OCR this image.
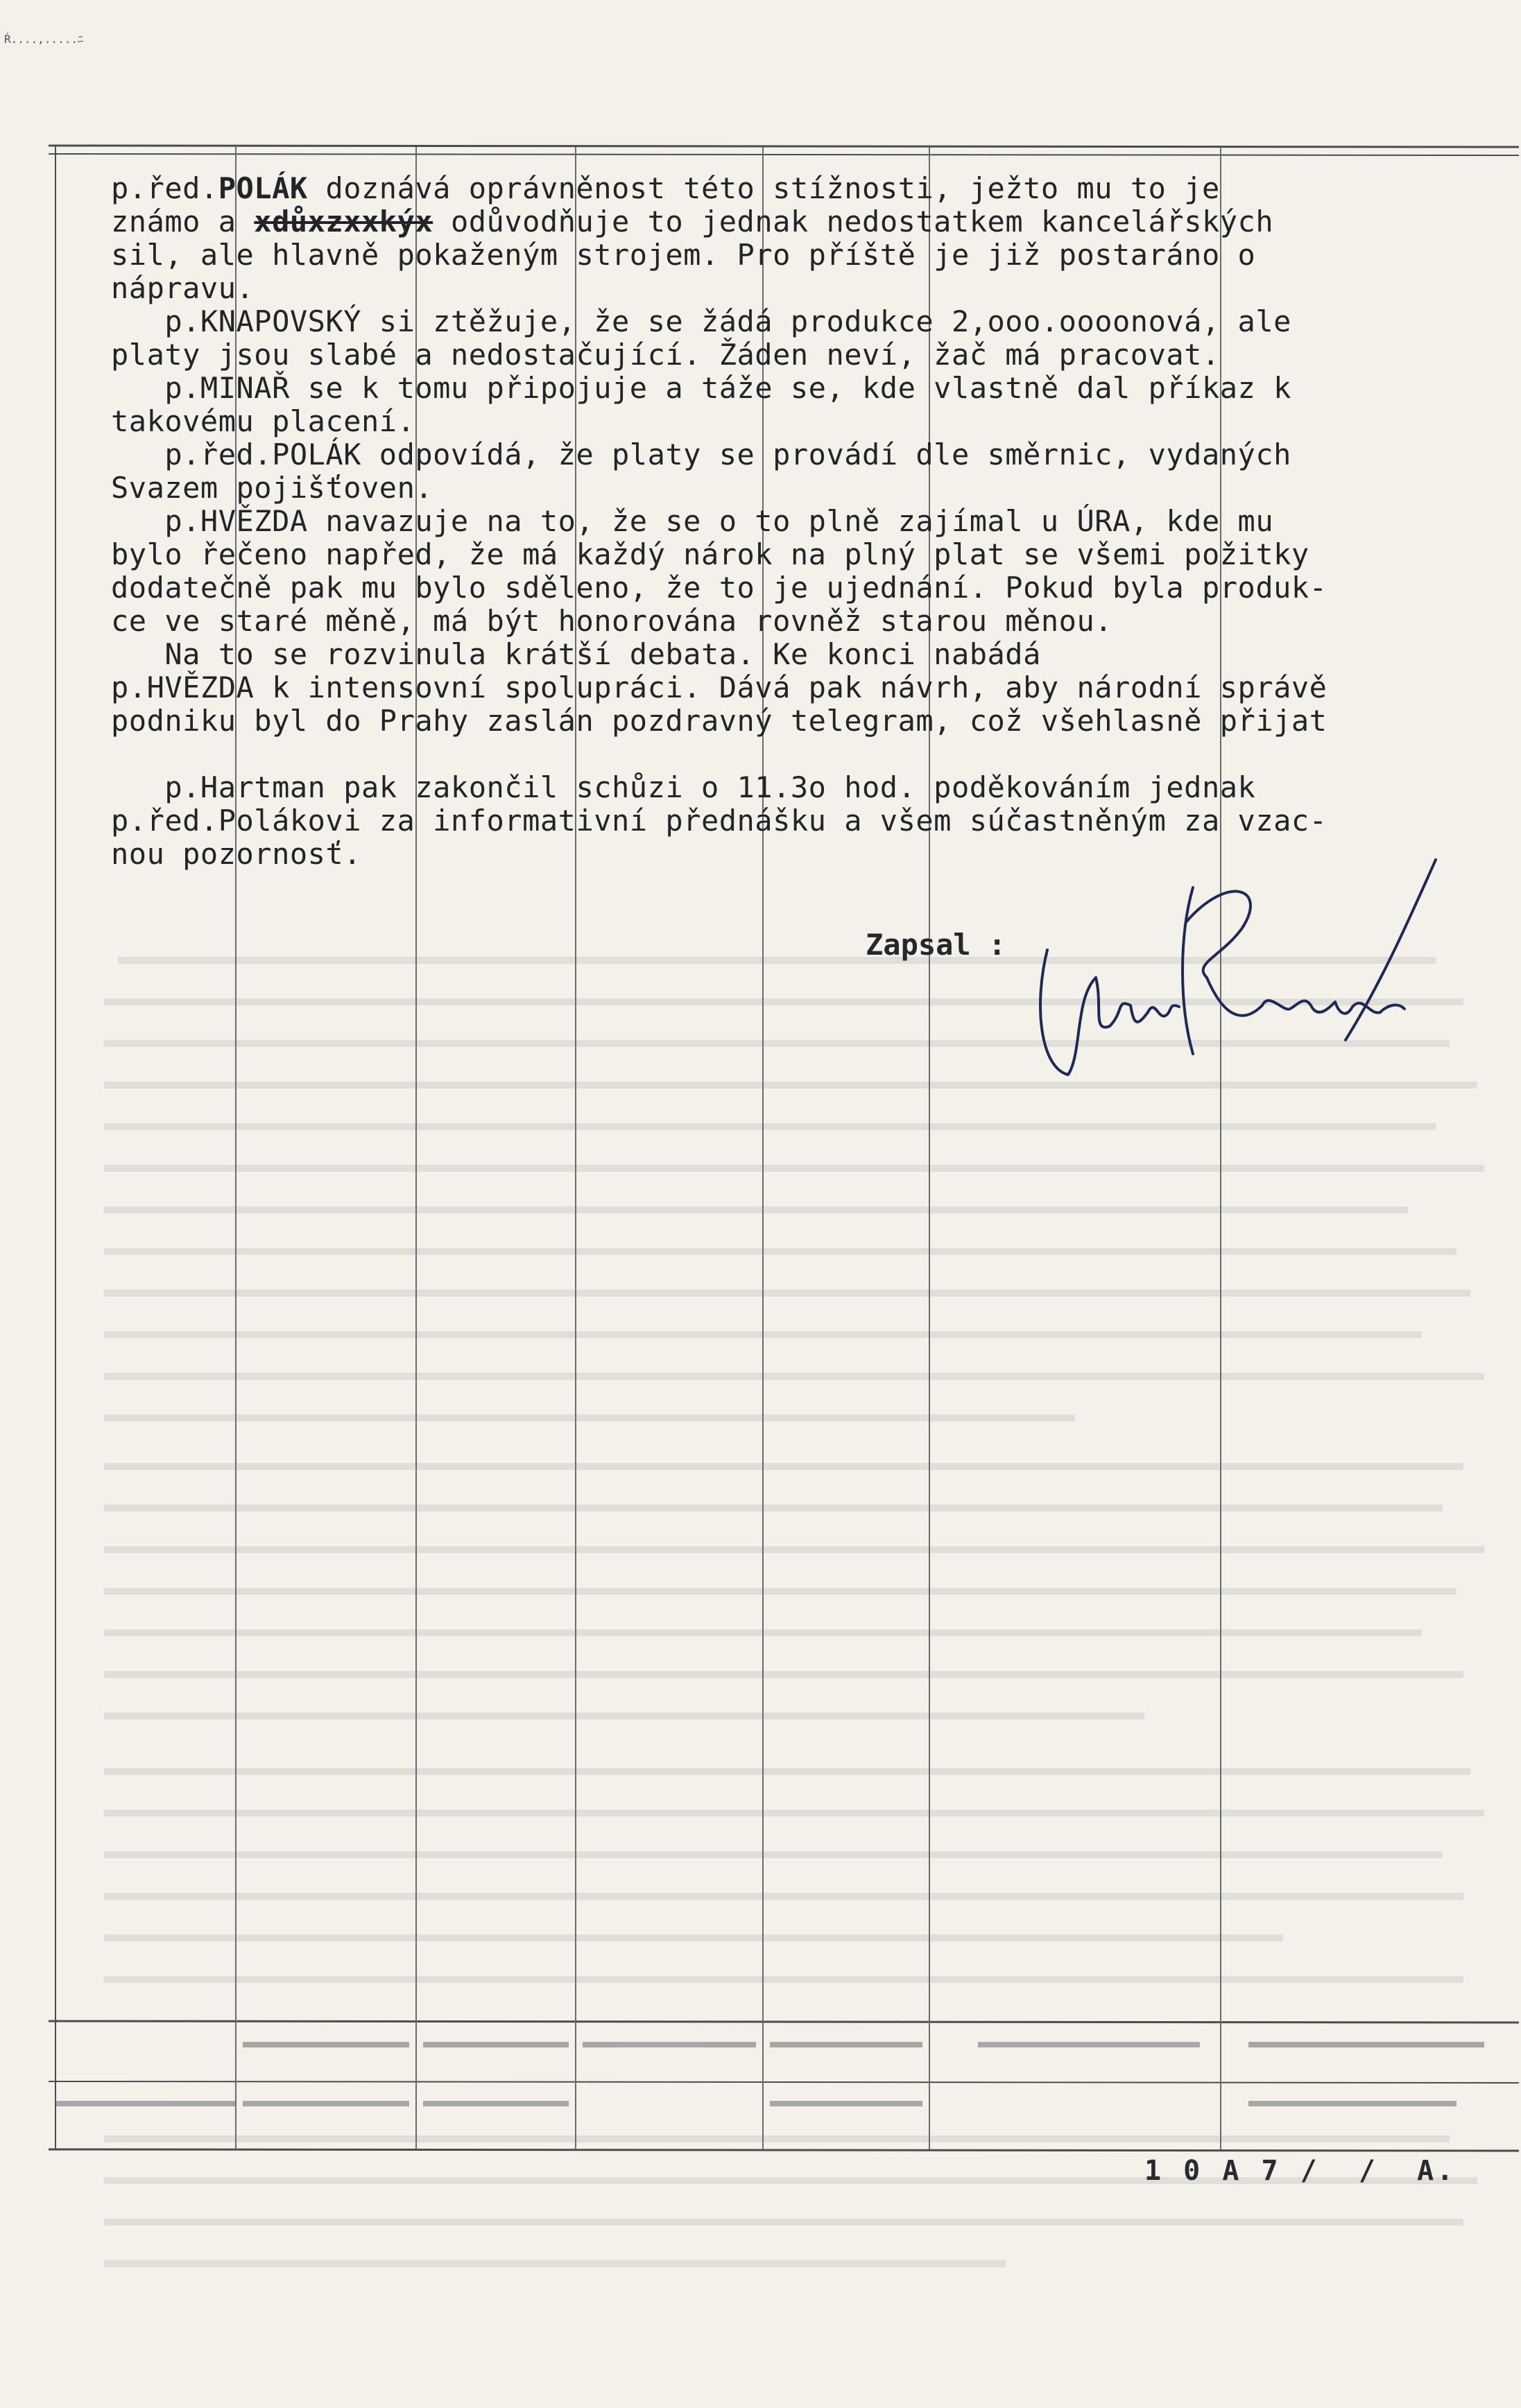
Ŕ....,.....ﾆ
p.řed.POLÁK doznává oprávněnost této stížnosti, ježto mu to je
známo a xdůxzxxkýx odůvodňuje to jednak nedostatkem kancelářských
sil, ale hlavně pokaženým strojem. Pro příště je již postaráno o
nápravu.
p.KNAPOVSKÝ si ztěžuje, že se žádá produkce 2,ooo.oooonová, ale
platy jsou slabé a nedostačující. Žáden neví, žač má pracovat.
p.MINAŘ se k tomu připojuje a táže se, kde vlastně dal příkaz k
takovému placení.
p.řed.POLÁK odpovídá, že platy se provádí dle směrnic, vydaných
Svazem pojišťoven.
p.HVĚZDA navazuje na to, že se o to plně zajímal u ÚRA, kde mu
bylo řečeno napřed, že má každý nárok na plný plat se všemi požitky
dodatečně pak mu bylo sděleno, že to je ujednání. Pokud byla produk-
ce ve staré měně, má být honorována rovněž starou měnou.
Na to se rozvinula krátší debata. Ke konci nabádá
p.HVĚZDA k intensovní spolupráci. Dává pak návrh, aby národní správě
podniku byl do Prahy zaslán pozdravný telegram, což všehlasně přijat
p.Hartman pak zakončil schůzi o 11.3o hod. poděkováním jednak
p.řed.Polákovi za informativní přednášku a všem súčastněným za vzac-
nou pozornosť.
Zapsal :
1 0 A 7 /  /  A.
